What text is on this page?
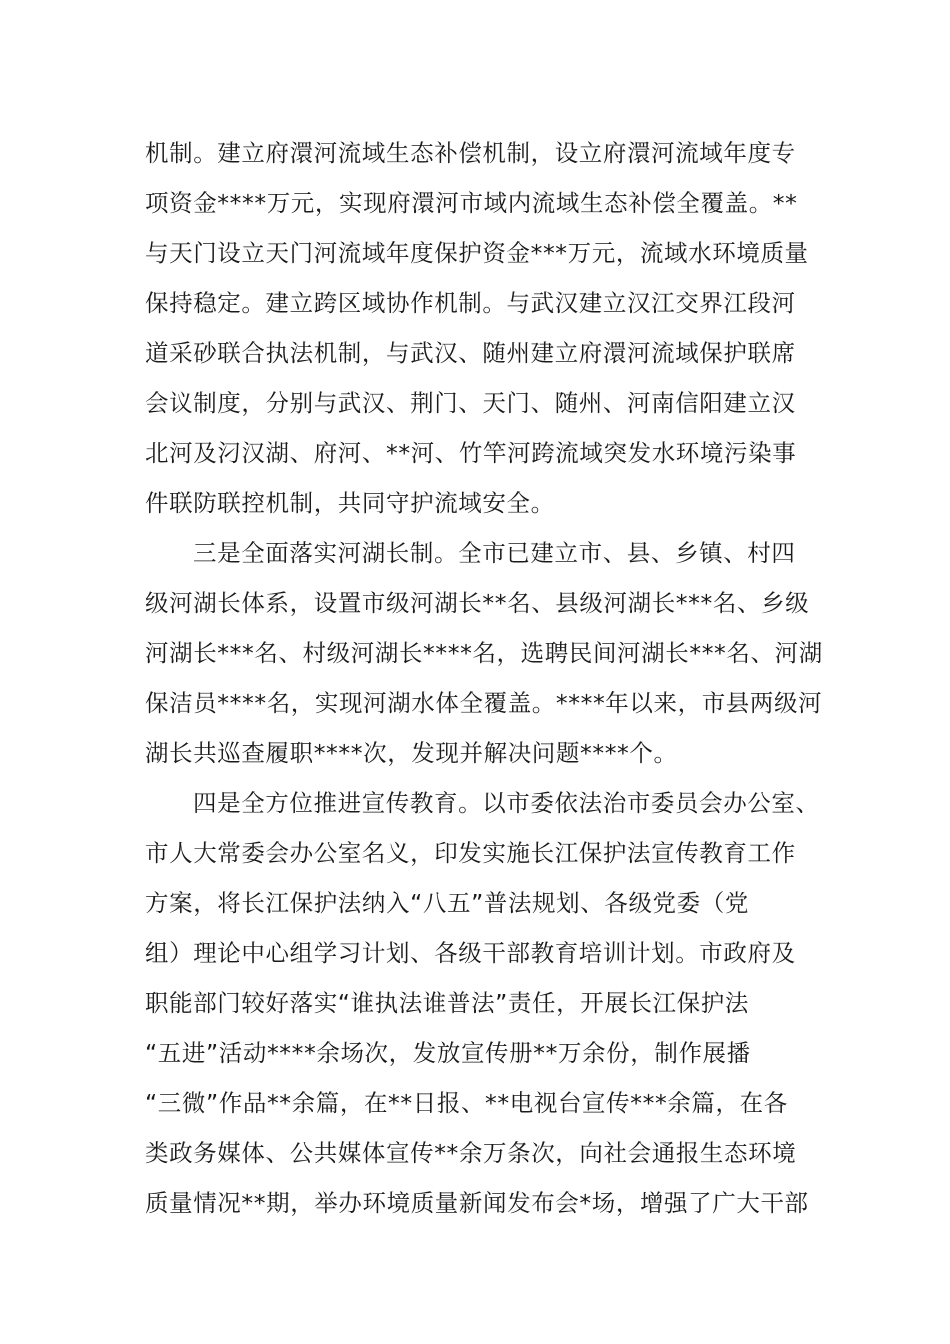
机制。建立府澴河流域生态补偿机制，设立府澴河流域年度专
项资金****万元，实现府澴河市域内流域生态补偿全覆盖。**
与天门设立天门河流域年度保护资金***万元，流域水环境质量
保持稳定。建立跨区域协作机制。与武汉建立汉江交界江段河
道采砂联合执法机制，与武汉、随州建立府澴河流域保护联席
会议制度，分别与武汉、荆门、天门、随州、河南信阳建立汉
北河及汈汉湖、府河、**河、竹竿河跨流域突发水环境污染事
件联防联控机制，共同守护流域安全。
三是全面落实河湖长制。全市已建立市、县、乡镇、村四
级河湖长体系，设置市级河湖长**名、县级河湖长***名、乡级
河湖长***名、村级河湖长****名，选聘民间河湖长***名、河湖
保洁员****名，实现河湖水体全覆盖。****年以来，市县两级河
湖长共巡查履职****次，发现并解决问题****个。
四是全方位推进宣传教育。以市委依法治市委员会办公室、
市人大常委会办公室名义，印发实施长江保护法宣传教育工作
方案，将长江保护法纳入“八五”普法规划、各级党委（党
组）理论中心组学习计划、各级干部教育培训计划。市政府及
职能部门较好落实“谁执法谁普法”责任，开展长江保护法
“五进”活动****余场次，发放宣传册**万余份，制作展播
“三微”作品**余篇，在**日报、**电视台宣传***余篇，在各
类政务媒体、公共媒体宣传**余万条次，向社会通报生态环境
质量情况**期，举办环境质量新闻发布会*场，增强了广大干部
